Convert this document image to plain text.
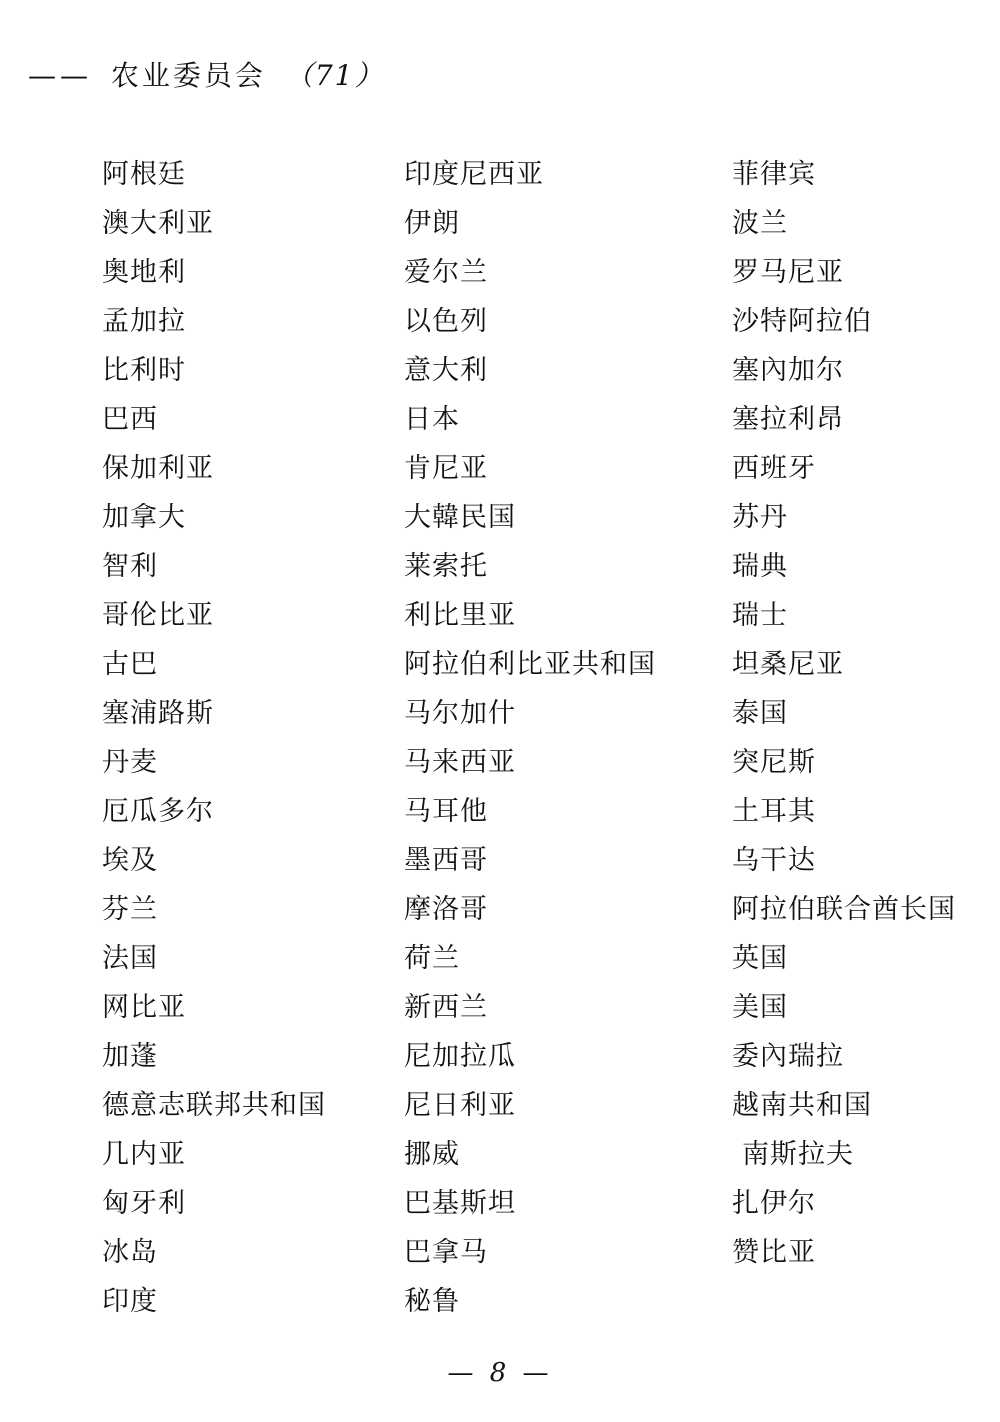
—— 农业委员会 （71）
阿根廷
澳大利亚
奥地利
孟加拉
比利时
巴西
保加利亚
加拿大
智利
哥伦比亚
古巴
塞浦路斯
丹麦
厄瓜多尔
埃及
芬兰
法国
网比亚
加蓬
德意志联邦共和国
几内亚
匈牙利
冰岛
印度
印度尼西亚
伊朗
爱尔兰
以色列
意大利
日本
肯尼亚
大韓民国
莱索托
利比里亚
阿拉伯利比亚共和国
马尔加什
马来西亚
马耳他
墨西哥
摩洛哥
荷兰
新西兰
尼加拉瓜
尼日利亚
挪威
巴基斯坦
巴拿马
秘鲁
菲律宾
波兰
罗马尼亚
沙特阿拉伯
塞內加尔
塞拉利昂
西班牙
苏丹
瑞典
瑞士
坦桑尼亚
泰国
突尼斯
土耳其
乌干达
阿拉伯联合酋长国
英国
美国
委內瑞拉
越南共和国
南斯拉夫
扎伊尔
赞比亚
— 8 —
